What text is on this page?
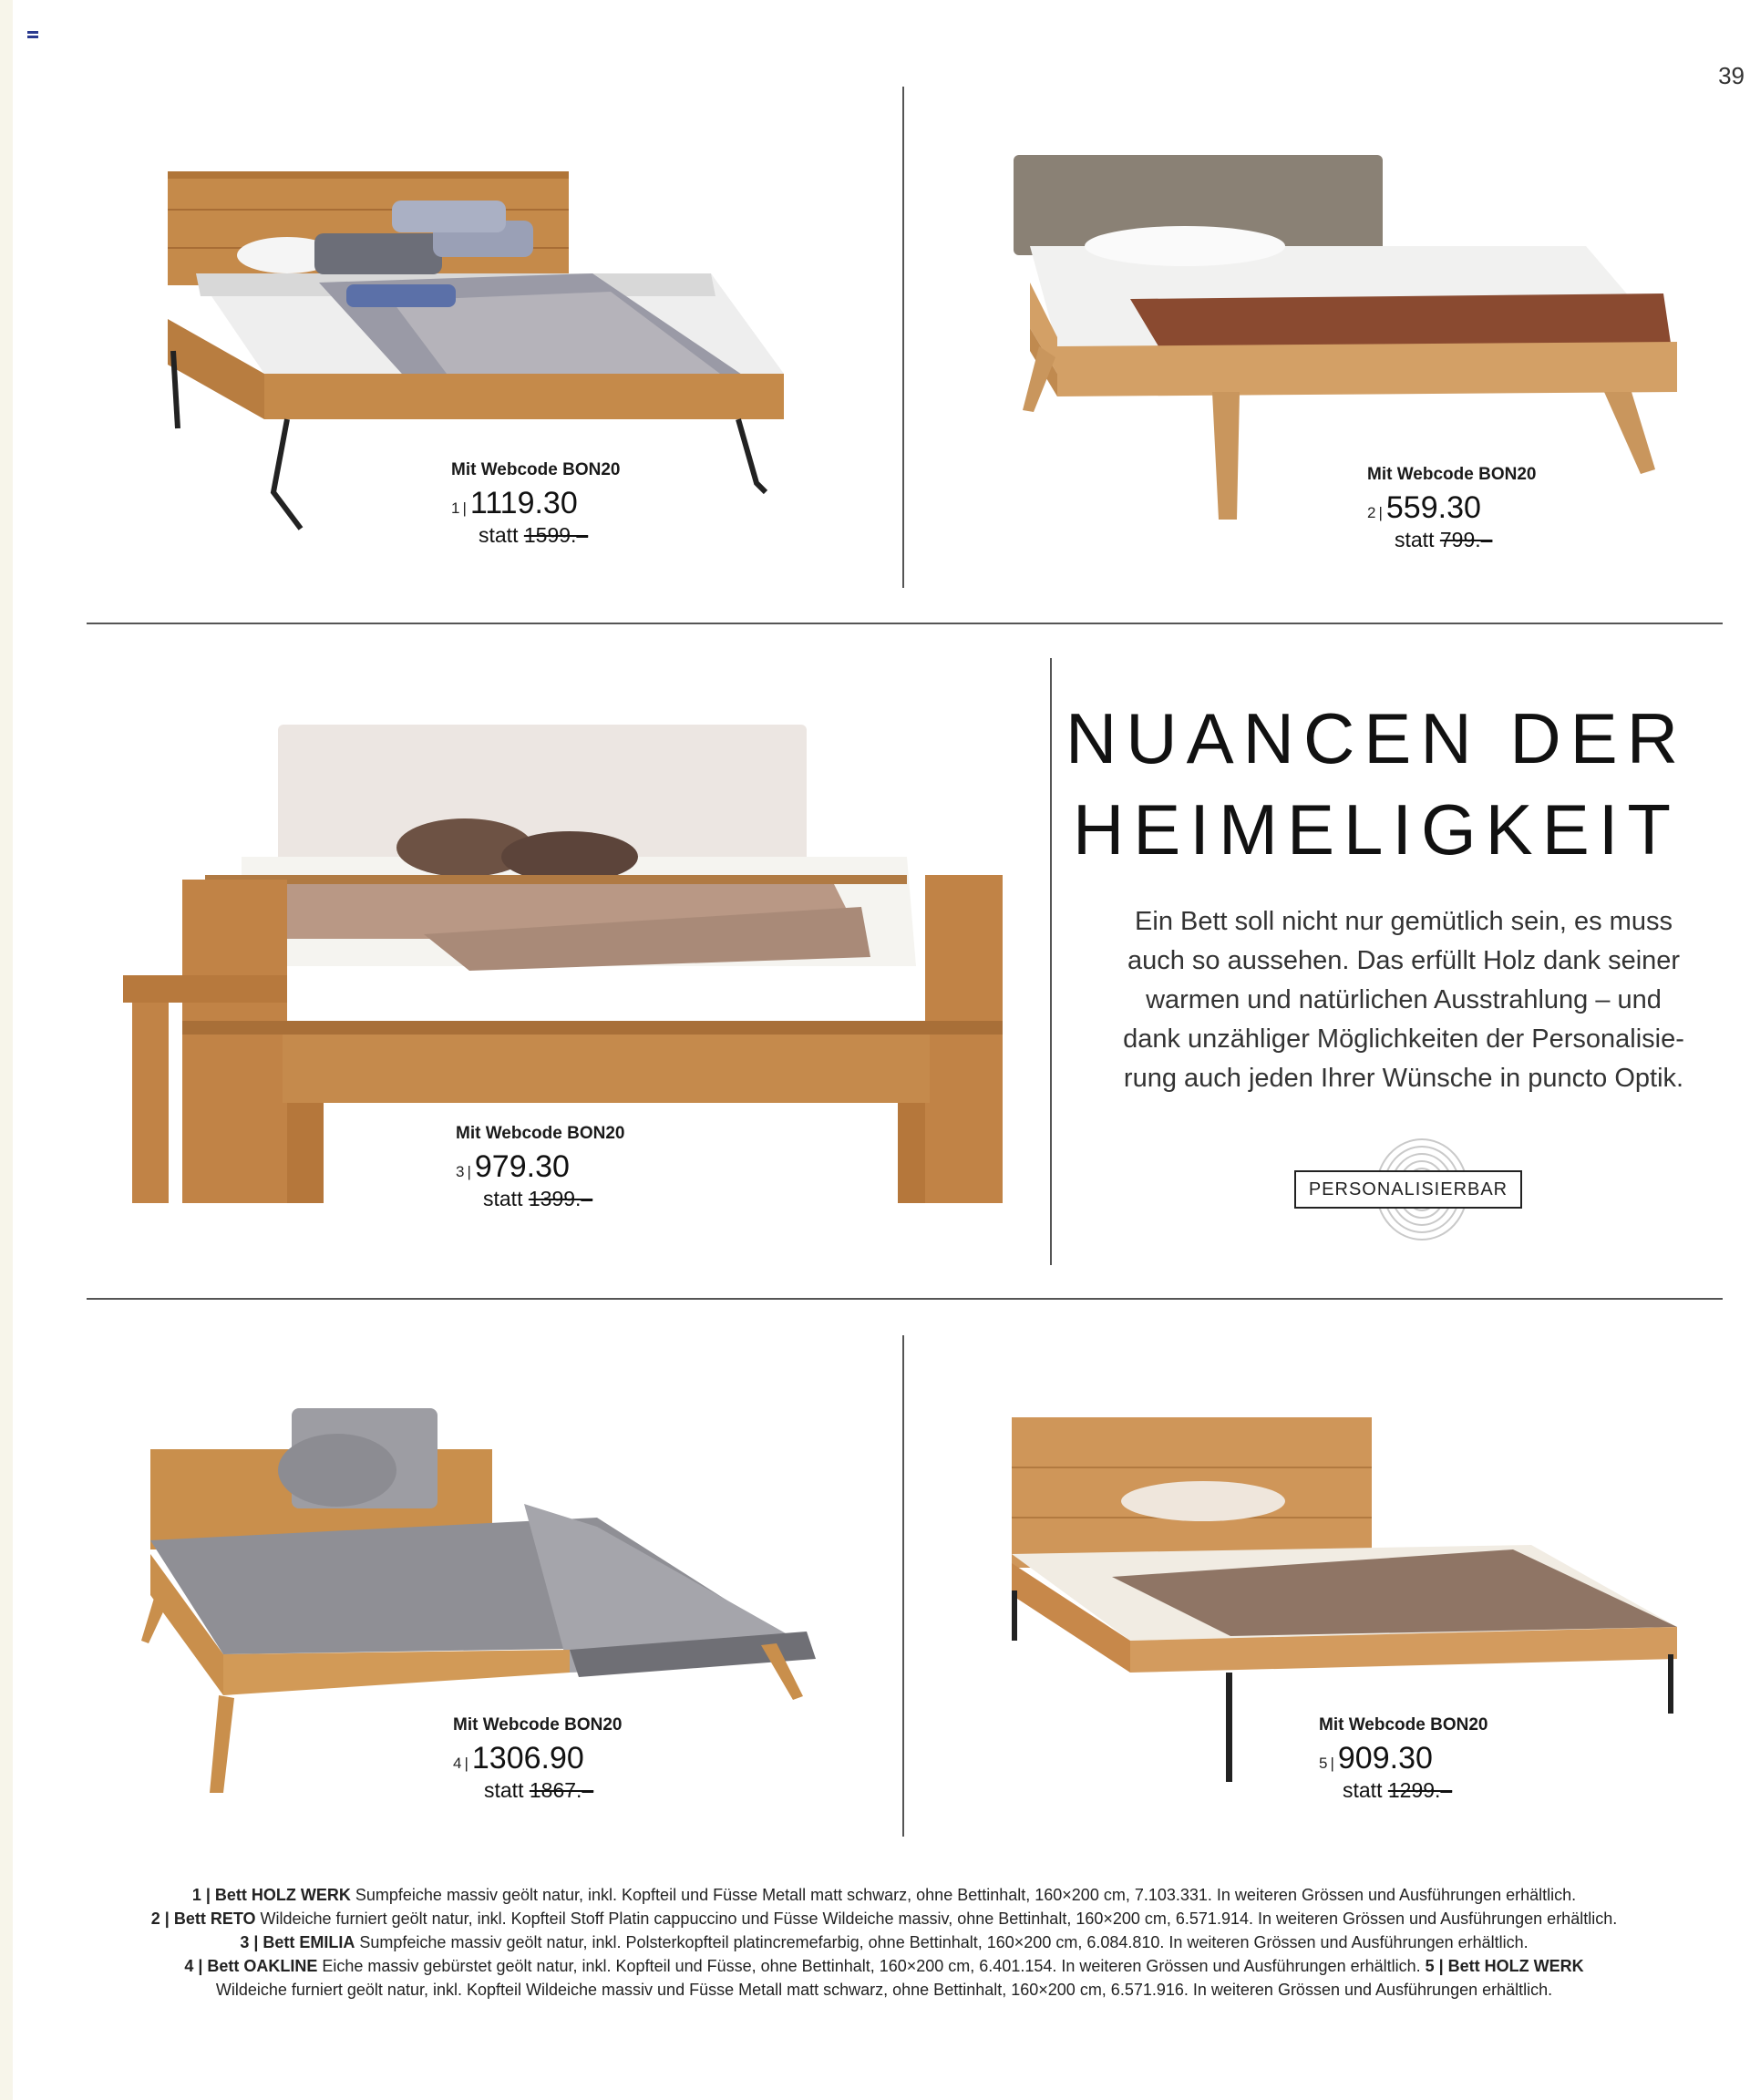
39
Mit Webcode BON20
1 | 1119.30
statt 1599.–
Mit Webcode BON20
2 | 559.30
statt 799.–
Mit Webcode BON20
3 | 979.30
statt 1399.–
NUANCEN DER
HEIMELIGKEIT
Ein Bett soll nicht nur gemütlich sein, es muss
auch so aussehen. Das erfüllt Holz dank seiner
warmen und natürlichen Ausstrahlung – und
dank unzähliger Möglichkeiten der Personalisie-
rung auch jeden Ihrer Wünsche in puncto Optik.
PERSONALISIERBAR
Mit Webcode BON20
4 | 1306.90
statt 1867.–
Mit Webcode BON20
5 | 909.30
statt 1299.–

1 | Bett HOLZ WERK Sumpfeiche massiv geölt natur, inkl. Kopfteil und Füsse Metall matt schwarz, ohne Bettinhalt, 160×200 cm, 7.103.331. In weiteren Grössen und Ausführungen erhältlich.

2 | Bett RETO Wildeiche furniert geölt natur, inkl. Kopfteil Stoff Platin cappuccino und Füsse Wildeiche massiv, ohne Bettinhalt, 160×200 cm, 6.571.914. In weiteren Grössen und Ausführungen erhältlich.

3 | Bett EMILIA Sumpfeiche massiv geölt natur, inkl. Polsterkopfteil platincremefarbig, ohne Bettinhalt, 160×200 cm, 6.084.810. In weiteren Grössen und Ausführungen erhältlich.

4 | Bett OAKLINE Eiche massiv gebürstet geölt natur, inkl. Kopfteil und Füsse, ohne Bettinhalt, 160×200 cm, 6.401.154. In weiteren Grössen und Ausführungen erhältlich. 5 | Bett HOLZ WERK

Wildeiche furniert geölt natur, inkl. Kopfteil Wildeiche massiv und Füsse Metall matt schwarz, ohne Bettinhalt, 160×200 cm, 6.571.916. In weiteren Grössen und Ausführungen erhältlich.
